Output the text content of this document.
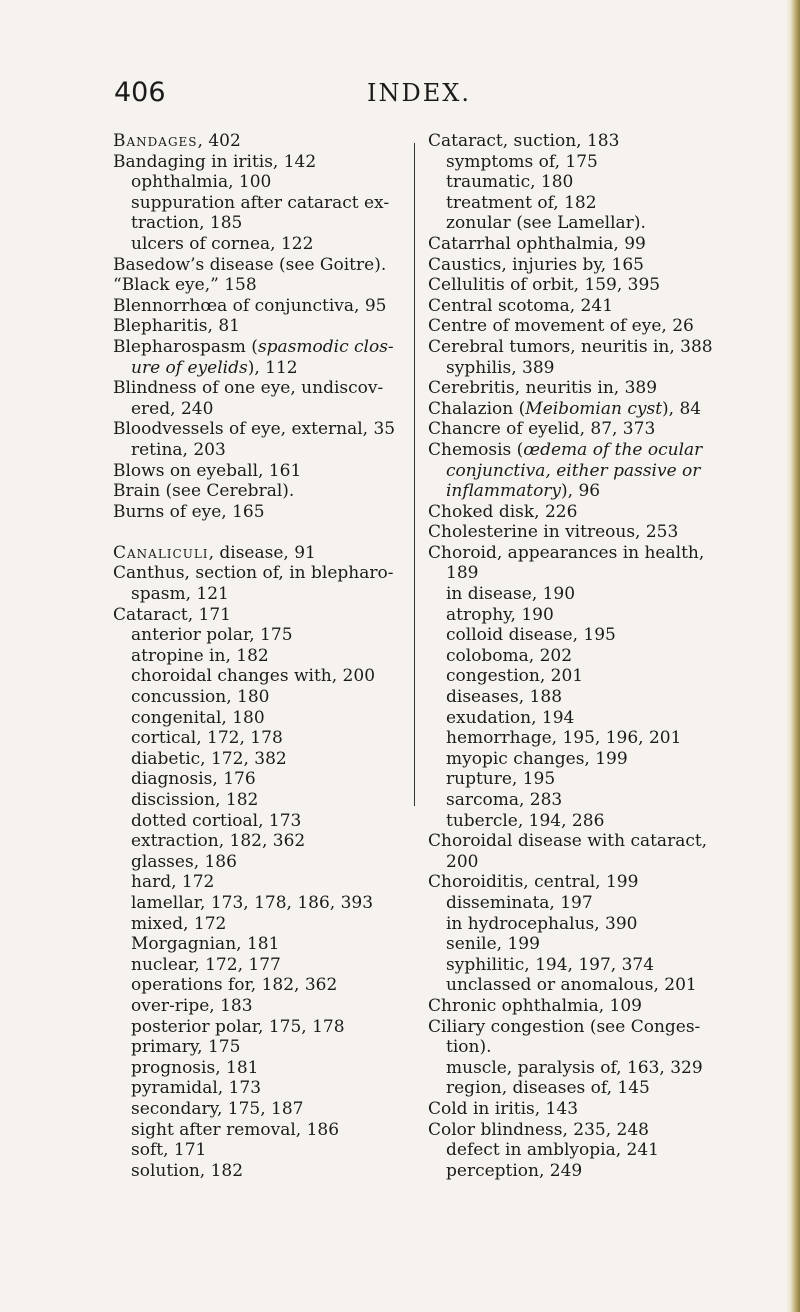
406	INDEX.
Bandages, 402
Bandaging in iritis, 142
ophthalmia, 100
suppuration after cataract ex-
traction, 185
ulcers of cornea, 122
Basedow’s disease (see Goitre).
“Black eye,” 158
Blennorrhœa of conjunctiva, 95
Blepharitis, 81
Blepharospasm (spasmodic clos-
ure of eyelids), 112
Blindness of one eye, undiscov-
ered, 240
Bloodvessels of eye, external, 35
retina, 203
Blows on eyeball, 161
Brain (see Cerebral).
Burns of eye, 165
Canaliculi, disease, 91
Canthus, section of, in blepharo-
spasm, 121
Cataract, 171
anterior polar, 175
atropine in, 182
choroidal changes with, 200
concussion, 180
congenital, 180
cortical, 172, 178
diabetic, 172, 382
diagnosis, 176
discission, 182
dotted cortioal, 173
extraction, 182, 362
glasses, 186
hard, 172
lamellar, 173, 178, 186, 393
mixed, 172
Morgagnian, 181
nuclear, 172, 177
operations for, 182, 362
over-ripe, 183
posterior polar, 175, 178
primary, 175
prognosis, 181
pyramidal, 173
secondary, 175, 187
sight after removal, 186
soft, 171
solution, 182
Cataract, suction, 183
symptoms of, 175
traumatic, 180
treatment of, 182
zonular (see Lamellar).
Catarrhal ophthalmia, 99
Caustics, injuries by, 165
Cellulitis of orbit, 159, 395
Central scotoma, 241
Centre of movement of eye, 26
Cerebral tumors, neuritis in, 388
syphilis, 389
Cerebritis, neuritis in, 389
Chalazion (Meibomian cyst), 84
Chancre of eyelid, 87, 373
Chemosis (œdema of the ocular
conjunctiva, either passive or
inflammatory), 96
Choked disk, 226
Cholesterine in vitreous, 253
Choroid, appearances in health,
189
in disease, 190
atrophy, 190
colloid disease, 195
coloboma, 202
congestion, 201
diseases, 188
exudation, 194
hemorrhage, 195, 196, 201
myopic changes, 199
rupture, 195
sarcoma, 283
tubercle, 194, 286
Choroidal disease with cataract,
200
Choroiditis, central, 199
disseminata, 197
in hydrocephalus, 390
senile, 199
syphilitic, 194, 197, 374
unclassed or anomalous, 201
Chronic ophthalmia, 109
Ciliary congestion (see Conges-
tion).
muscle, paralysis of, 163, 329
region, diseases of, 145
Cold in iritis, 143
Color blindness, 235, 248
defect in amblyopia, 241
perception, 249
